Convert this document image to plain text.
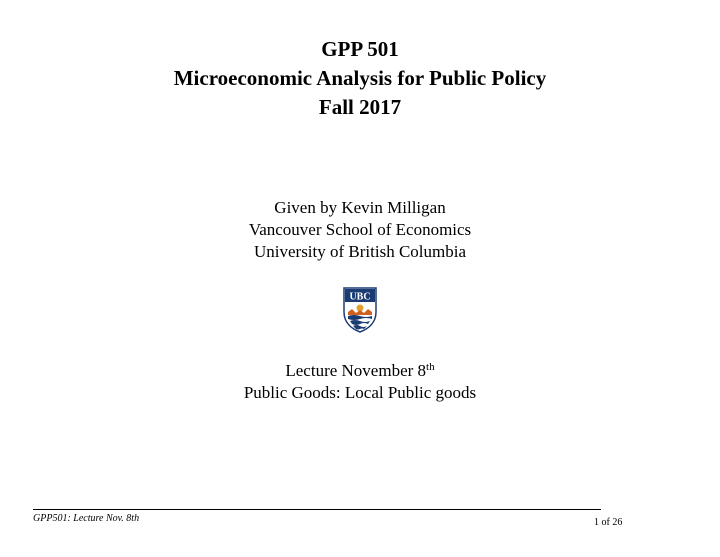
GPP 501
Microeconomic Analysis for Public Policy
Fall 2017
Given by Kevin Milligan
Vancouver School of Economics
University of British Columbia
UBC
Lecture November 8th
Public Goods: Local Public goods
GPP501: Lecture Nov. 8th	1 of 26
